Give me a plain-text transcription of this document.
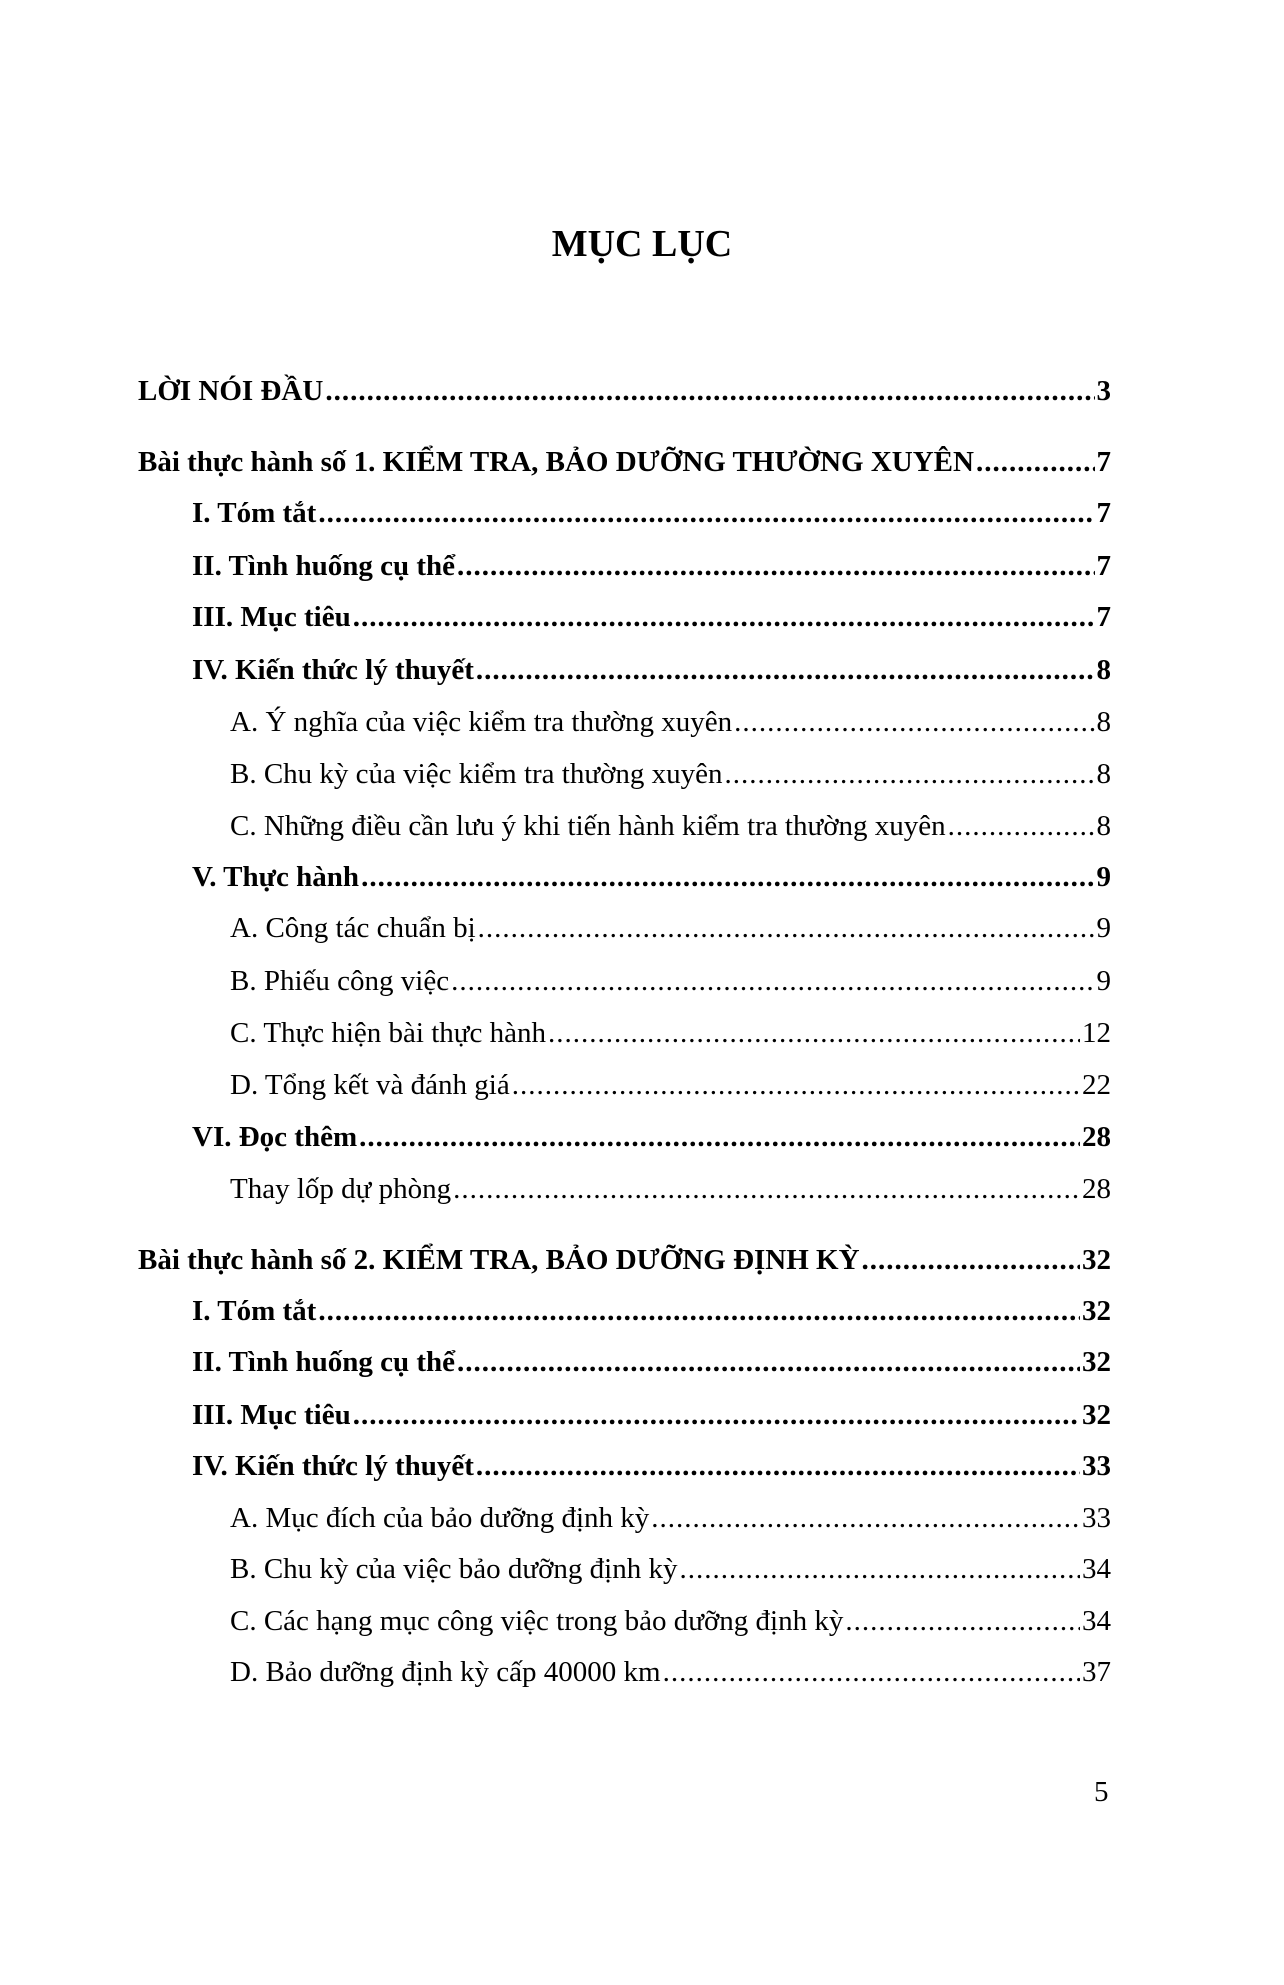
MỤC LỤC
LỜI NÓI ĐẦU .....	3
Bài thực hành số 1. KIỂM TRA, BẢO DƯỠNG THƯỜNG XUYÊN .....	7
I. Tóm tắt .....	7
II. Tình huống cụ thể .....	7
III. Mục tiêu .....	7
IV. Kiến thức lý thuyết .....	8
A. Ý nghĩa của việc kiểm tra thường xuyên .....	8
B. Chu kỳ của việc kiểm tra thường xuyên .....	8
C. Những điều cần lưu ý khi tiến hành kiểm tra thường xuyên .....	8
V. Thực hành .....	9
A. Công tác chuẩn bị .....	9
B. Phiếu công việc .....	9
C. Thực hiện bài thực hành .....	12
D. Tổng kết và đánh giá .....	22
VI. Đọc thêm .....	28
Thay lốp dự phòng .....	28
Bài thực hành số 2. KIỂM TRA, BẢO DƯỠNG ĐỊNH KỲ .....	32
I. Tóm tắt .....	32
II. Tình huống cụ thể .....	32
III. Mục tiêu .....	32
IV. Kiến thức lý thuyết .....	33
A. Mục đích của bảo dưỡng định kỳ .....	33
B. Chu kỳ của việc bảo dưỡng định kỳ .....	34
C. Các hạng mục công việc trong bảo dưỡng định kỳ .....	34
D. Bảo dưỡng định kỳ cấp 40000 km .....	37
5
